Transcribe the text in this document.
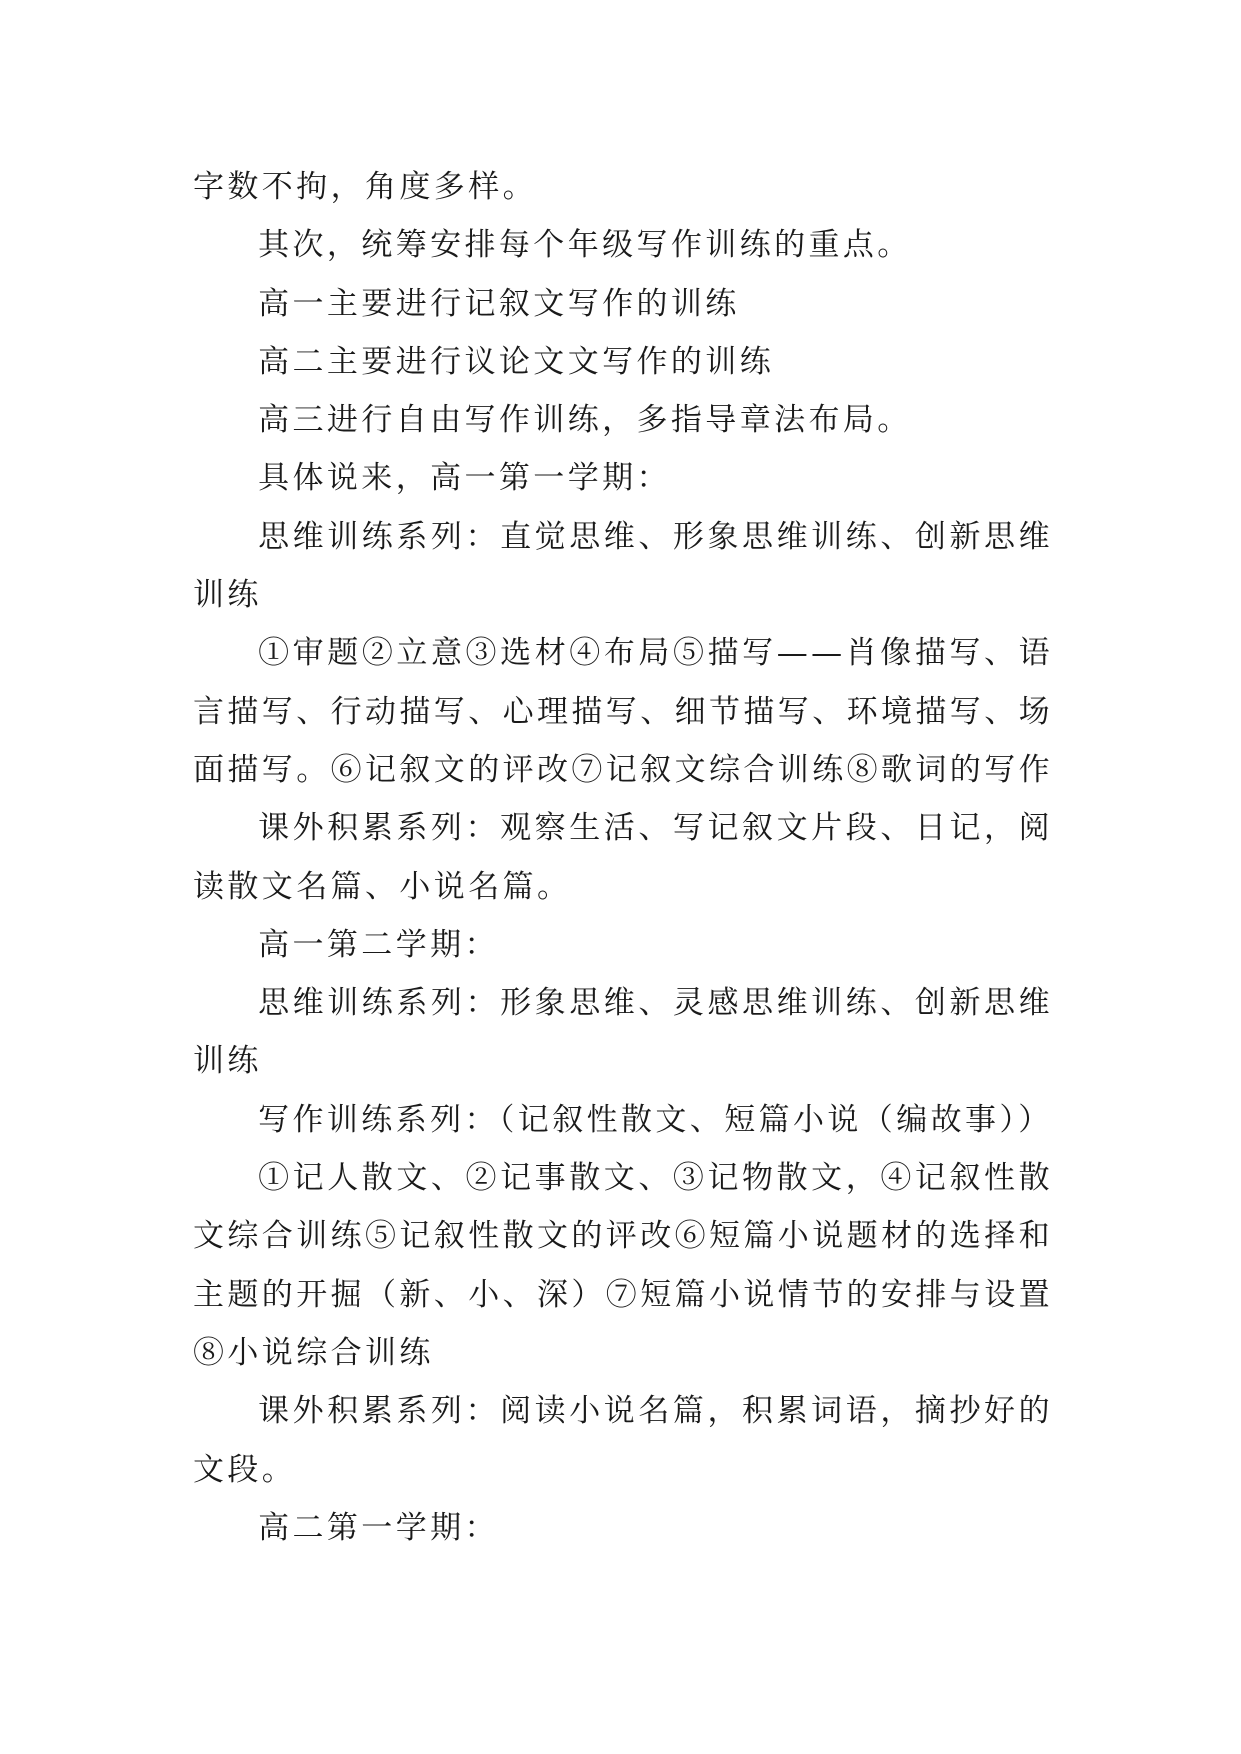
字数不拘，角度多样。

其次，统筹安排每个年级写作训练的重点。

高一主要进行记叙文写作的训练

高二主要进行议论文文写作的训练

高三进行自由写作训练，多指导章法布局。

具体说来，高一第一学期：

思维训练系列：直觉思维、形象思维训练、创新思维训练

①审题②立意③选材④布局⑤描写——肖像描写、语言描写、行动描写、心理描写、细节描写、环境描写、场面描写。⑥记叙文的评改⑦记叙文综合训练⑧歌词的写作

课外积累系列：观察生活、写记叙文片段、日记，阅读散文名篇、小说名篇。

高一第二学期：

思维训练系列：形象思维、灵感思维训练、创新思维训练

写作训练系列：（记叙性散文、短篇小说（编故事））

①记人散文、②记事散文、③记物散文，④记叙性散文综合训练⑤记叙性散文的评改⑥短篇小说题材的选择和主题的开掘（新、小、深）⑦短篇小说情节的安排与设置⑧小说综合训练

课外积累系列：阅读小说名篇，积累词语，摘抄好的文段。

高二第一学期：
